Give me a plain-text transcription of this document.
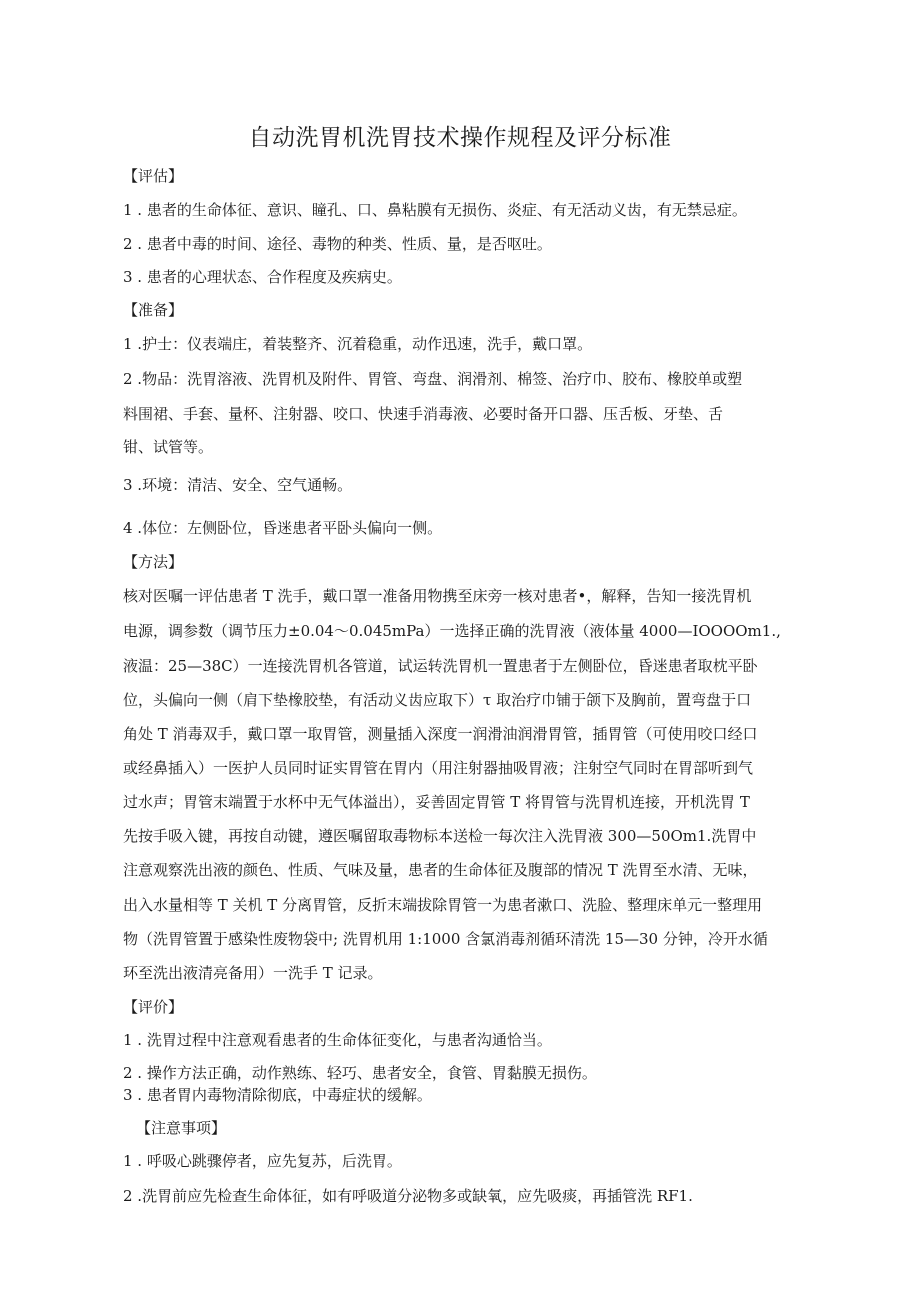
自动洗胃机洗胃技术操作规程及评分标准
【评估】
1 . 患者的生命体征、意识、瞳孔、口、鼻粘膜有无损伤、炎症、有无活动义齿，有无禁忌症。
2 . 患者中毒的时间、途径、毒物的种类、性质、量，是否呕吐。
3 . 患者的心理状态、合作程度及疾病史。
【准备】
1 .护士：仪表端庄，着装整齐、沉着稳重，动作迅速，洗手，戴口罩。
2 .物品：洗胃溶液、洗胃机及附件、胃管、弯盘、润滑剂、棉签、治疗巾、胶布、橡胶单或塑
料围裙、手套、量杯、注射器、咬口、快速手消毒液、必要时备开口器、压舌板、牙垫、舌
钳、试管等。
3 .环境：清洁、安全、空气通畅。
4 .体位：左侧卧位，昏迷患者平卧头偏向一侧。
【方法】
核对医嘱一评估患者 T 洗手，戴口罩一准备用物携至床旁一核对患者•，解释，告知一接洗胃机
电源，调参数（调节压力±0.04～0.045mPa）一选择正确的洗胃液（液体量 4000—IOOOOm1.,
液温：25—38C）一连接洗胃机各管道，试运转洗胃机一置患者于左侧卧位，昏迷患者取枕平卧
位，头偏向一侧（肩下垫橡胶垫，有活动义齿应取下）τ 取治疗巾铺于颌下及胸前，置弯盘于口
角处 T 消毒双手，戴口罩一取胃管，测量插入深度一润滑油润滑胃管，插胃管（可使用咬口经口
或经鼻插入）一医护人员同时证实胃管在胃内（用注射器抽吸胃液；注射空气同时在胃部听到气
过水声；胃管末端置于水杯中无气体溢出），妥善固定胃管 T 将胃管与洗胃机连接，开机洗胃 T
先按手吸入键，再按自动键，遵医嘱留取毒物标本送检一每次注入洗胃液 300—50Om1.洗胃中
注意观察洗出液的颜色、性质、气味及量，患者的生命体征及腹部的情况 T 洗胃至水清、无味，
出入水量相等 T 关机 T 分离胃管，反折末端拔除胃管一为患者漱口、洗脸、整理床单元一整理用
物（洗胃管置于感染性废物袋中; 洗胃机用 1:1000 含氯消毒剂循环清洗 15—30 分钟，冷开水循
环至洗出液清亮备用）一洗手 T 记录。
【评价】
1 . 洗胃过程中注意观看患者的生命体征变化，与患者沟通恰当。
2 . 操作方法正确，动作熟练、轻巧、患者安全，食管、胃黏膜无损伤。
3 . 患者胃内毒物清除彻底，中毒症状的缓解。
【注意事项】
1 . 呼吸心跳骤停者，应先复苏，后洗胃。
2 .洗胃前应先检查生命体征，如有呼吸道分泌物多或缺氧，应先吸痰，再插管洗 RF1.
